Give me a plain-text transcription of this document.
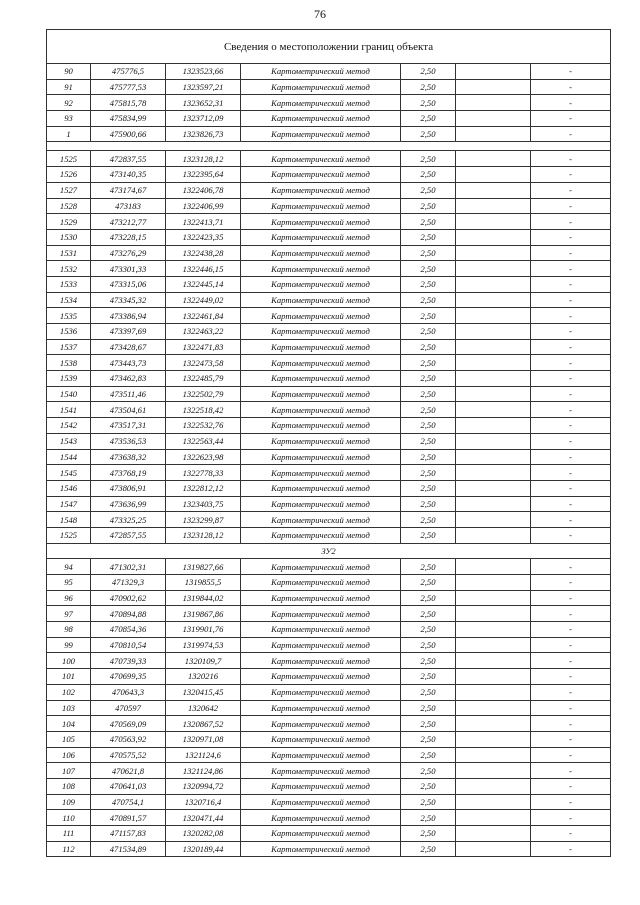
76
Сведения о местоположении границ объекта						
90	475776,5	1323523,66	Картометрический метод	2,50		-
91	475777,53	1323597,21	Картометрический метод	2,50		-
92	475815,78	1323652,31	Картометрический метод	2,50		-
93	475834,99	1323712,09	Картометрический метод	2,50		-
1	475900,66	1323826,73	Картометрический метод	2,50		-

1525	472837,55	1323128,12	Картометрический метод	2,50		-
1526	473140,35	1322395,64	Картометрический метод	2,50		-
1527	473174,67	1322406,78	Картометрический метод	2,50		-
1528	473183	1322406,99	Картометрический метод	2,50		-
1529	473212,77	1322413,71	Картометрический метод	2,50		-
1530	473228,15	1322423,35	Картометрический метод	2,50		-
1531	473276,29	1322438,28	Картометрический метод	2,50		-
1532	473301,33	1322446,15	Картометрический метод	2,50		-
1533	473315,06	1322445,14	Картометрический метод	2,50		-
1534	473345,32	1322449,02	Картометрический метод	2,50		-
1535	473386,94	1322461,84	Картометрический метод	2,50		-
1536	473397,69	1322463,22	Картометрический метод	2,50		-
1537	473428,67	1322471,83	Картометрический метод	2,50		-
1538	473443,73	1322473,58	Картометрический метод	2,50		-
1539	473462,83	1322485,79	Картометрический метод	2,50		-
1540	473511,46	1322502,79	Картометрический метод	2,50		-
1541	473504,61	1322518,42	Картометрический метод	2,50		-
1542	473517,31	1322532,76	Картометрический метод	2,50		-
1543	473536,53	1322563,44	Картометрический метод	2,50		-
1544	473638,32	1322623,98	Картометрический метод	2,50		-
1545	473768,19	1322778,33	Картометрический метод	2,50		-
1546	473806,91	1322812,12	Картометрический метод	2,50		-
1547	473636,99	1323403,75	Картометрический метод	2,50		-
1548	473325,25	1323299,87	Картометрический метод	2,50		-
1525	472857,55	1323128,12	Картометрический метод	2,50		-
ЗУ2						
94	471302,31	1319827,66	Картометрический метод	2,50		-
95	471329,3	1319855,5	Картометрический метод	2,50		-
96	470902,62	1319844,02	Картометрический метод	2,50		-
97	470894,88	1319867,86	Картометрический метод	2,50		-
98	470854,36	1319901,76	Картометрический метод	2,50		-
99	470810,54	1319974,53	Картометрический метод	2,50		-
100	470739,33	1320109,7	Картометрический метод	2,50		-
101	470699,35	1320216	Картометрический метод	2,50		-
102	470643,3	1320415,45	Картометрический метод	2,50		-
103	470597	1320642	Картометрический метод	2,50		-
104	470569,09	1320867,52	Картометрический метод	2,50		-
105	470563,92	1320971,08	Картометрический метод	2,50		-
106	470575,52	1321124,6	Картометрический метод	2,50		-
107	470621,8	1321124,86	Картометрический метод	2,50		-
108	470641,03	1320994,72	Картометрический метод	2,50		-
109	470754,1	1320716,4	Картометрический метод	2,50		-
110	470891,57	1320471,44	Картометрический метод	2,50		-
111	471157,83	1320282,08	Картометрический метод	2,50		-
112	471534,89	1320189,44	Картометрический метод	2,50		-
